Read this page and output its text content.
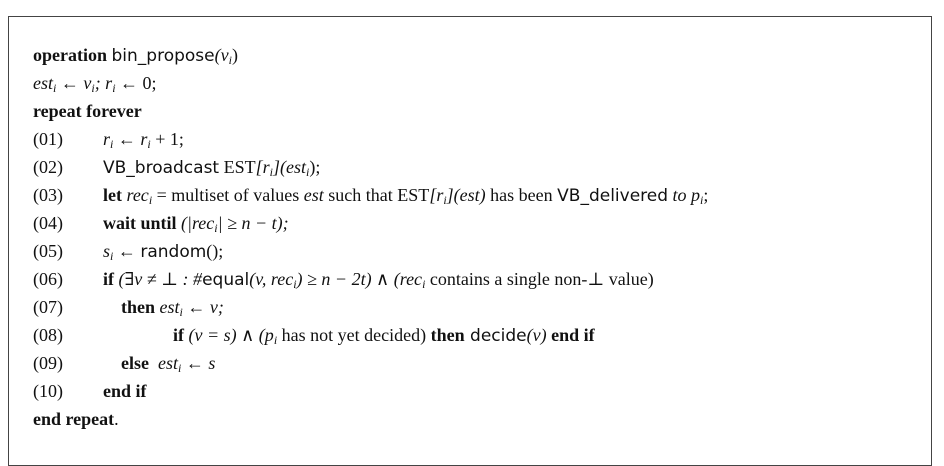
operation $bin\_propose(v_i)$
est$_i$ ← $v_i$; $r_i$ ← 0;
repeat forever
(01) $r_i$ ← $r_i + 1$;
(02) VB_broadcast $EST[r_i](est_i)$;
(03) let rec$_i$ = multiset of values est such that $EST[r_i](est)$ has been VB_delivered to $p_i$;
(04) wait until (|rec$_i$| ≥ n − t);
(05) $s_i$ ← random();
(06) if (∃v ≠ ⊥ : #equal(v, rec$_i$) ≥ n − 2t) ∧ (rec$_i$ contains a single non-⊥ value)
(07)	then est$_i$ ← v;
(08)	if (v = s) ∧ ($p_i$ has not yet decided) then decide(v) end if
(09)	else  est$_i$ ← s
(10) end if
end repeat.
